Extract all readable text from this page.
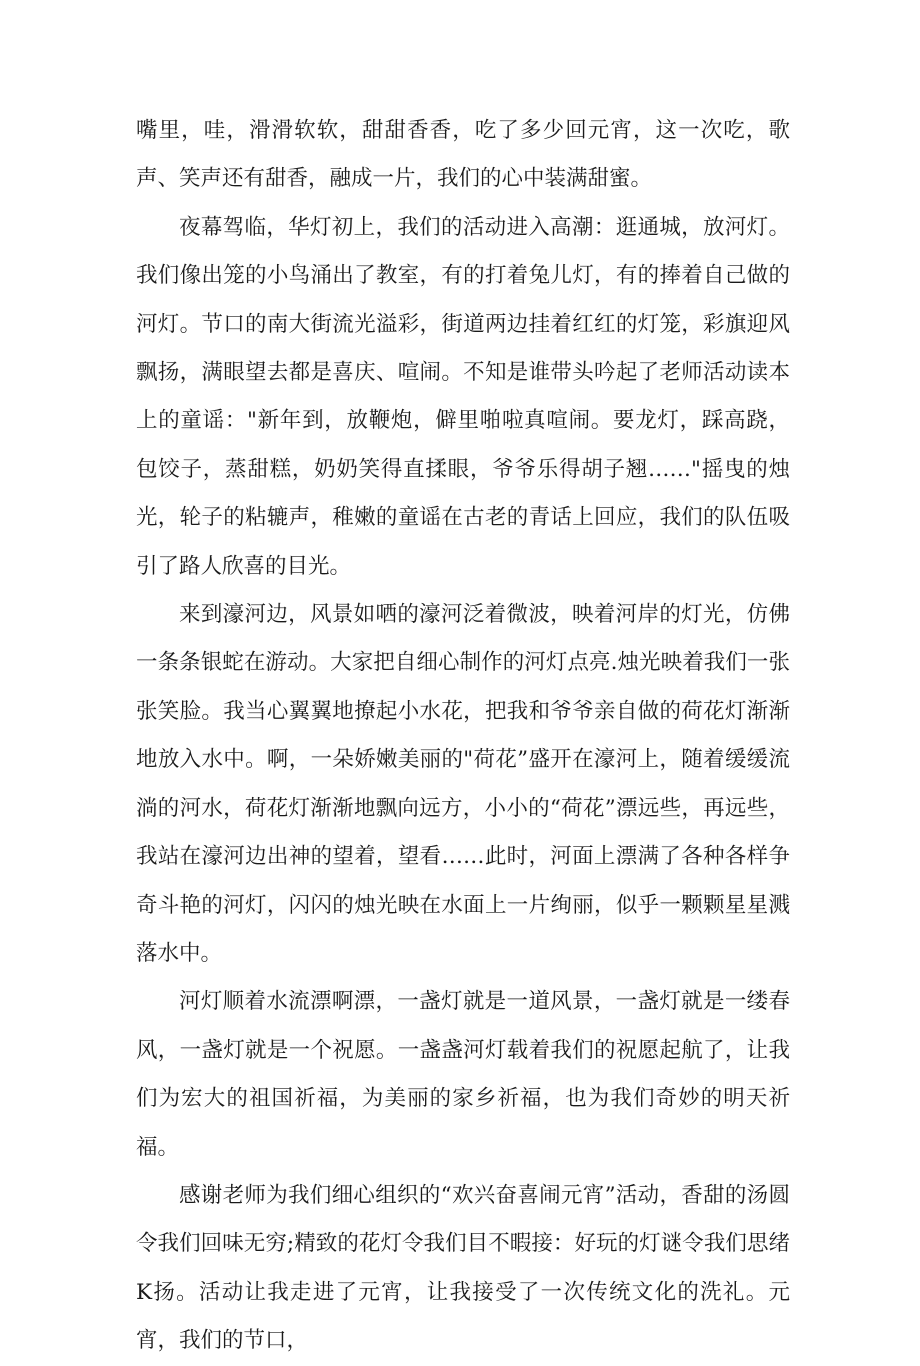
嘴里，哇，滑滑软软，甜甜香香，吃了多少回元宵，这一次吃，歌声、笑声还有甜香，融成一片，我们的心中装满甜蜜。

夜幕驾临，华灯初上，我们的活动进入高潮：逛通城，放河灯。我们像出笼的小鸟涌出了教室，有的打着兔儿灯，有的捧着自己做的河灯。节口的南大街流光溢彩，街道两边挂着红红的灯笼，彩旗迎风飘扬，满眼望去都是喜庆、喧闹。不知是谁带头吟起了老师活动读本上的童谣："新年到，放鞭炮，僻里啪啦真喧闹。要龙灯，踩高跷，包饺子，蒸甜糕，奶奶笑得直揉眼，爷爷乐得胡子翘……"摇曳的烛光，轮子的粘辘声，稚嫩的童谣在古老的青话上回应，我们的队伍吸引了路人欣喜的目光。

来到濠河边，风景如哂的濠河泛着微波，映着河岸的灯光，仿佛一条条银蛇在游动。大家把自细心制作的河灯点亮.烛光映着我们一张张笑脸。我当心翼翼地撩起小水花，把我和爷爷亲自做的荷花灯渐渐地放入水中。啊，一朵娇嫩美丽的"荷花”盛开在濠河上，随着缓缓流淌的河水，荷花灯渐渐地飘向远方，小小的“荷花”漂远些，再远些，我站在濠河边出神的望着，望看……此时，河面上漂满了各种各样争奇斗艳的河灯，闪闪的烛光映在水面上一片绚丽，似乎一颗颗星星溅落水中。

河灯顺着水流漂啊漂，一盏灯就是一道风景，一盏灯就是一缕春风，一盏灯就是一个祝愿。一盏盏河灯载着我们的祝愿起航了，让我们为宏大的祖国祈福，为美丽的家乡祈福，也为我们奇妙的明天祈福。

感谢老师为我们细心组织的“欢兴奋喜闹元宵”活动，香甜的汤圆令我们回味无穷;精致的花灯令我们目不暇接：好玩的灯谜令我们思绪K扬。活动让我走进了元宵，让我接受了一次传统文化的洗礼。元宵，我们的节口，
